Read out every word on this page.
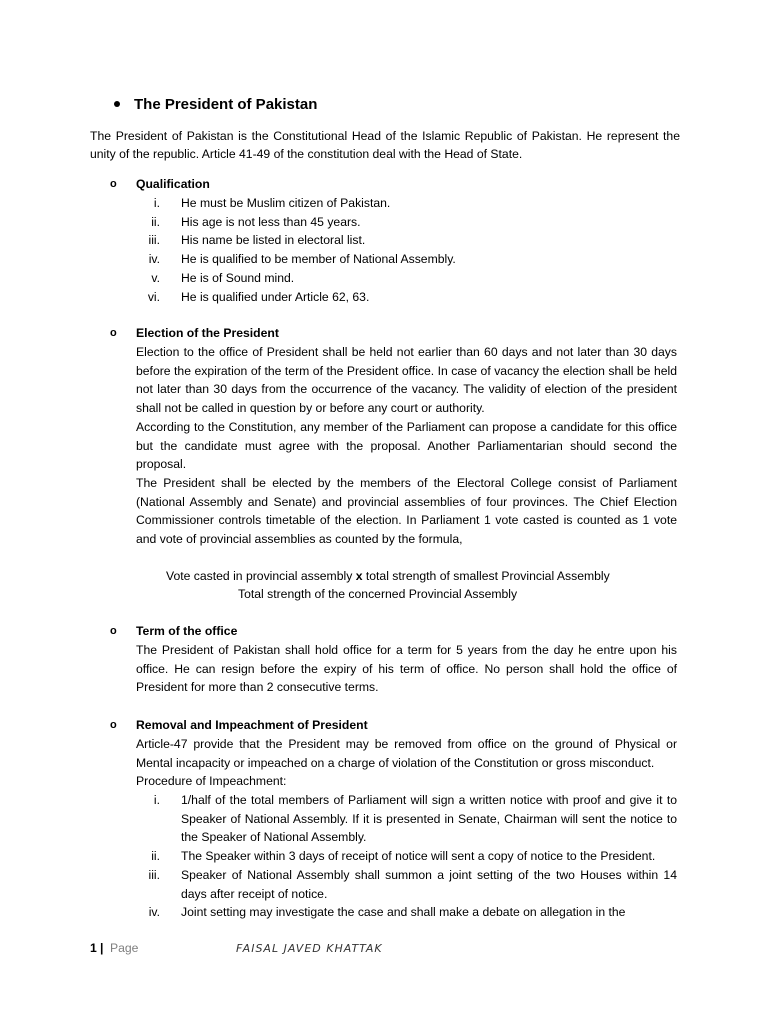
The President of Pakistan
The President of Pakistan is the Constitutional Head of the Islamic Republic of Pakistan. He represent the unity of the republic. Article 41-49 of the constitution deal with the Head of State.
o Qualification
i. He must be Muslim citizen of Pakistan.
ii. His age is not less than 45 years.
iii. His name be listed in electoral list.
iv. He is qualified to be member of National Assembly.
v. He is of Sound mind.
vi. He is qualified under Article 62, 63.
o Election of the President

Election to the office of President shall be held not earlier than 60 days and not later than 30 days before the expiration of the term of the President office. In case of vacancy the election shall be held not later than 30 days from the occurrence of the vacancy. The validity of election of the president shall not be called in question by or before any court or authority.

According to the Constitution, any member of the Parliament can propose a candidate for this office but the candidate must agree with the proposal. Another Parliamentarian should second the proposal.

The President shall be elected by the members of the Electoral College consist of Parliament (National Assembly and Senate) and provincial assemblies of four provinces. The Chief Election Commissioner controls timetable of the election. In Parliament 1 vote casted is counted as 1 vote and vote of provincial assemblies as counted by the formula,

Vote casted in provincial assembly x total strength of smallest Provincial Assembly
Total strength of the concerned Provincial Assembly
o Term of the office

The President of Pakistan shall hold office for a term for 5 years from the day he entre upon his office. He can resign before the expiry of his term of office. No person shall hold the office of President for more than 2 consecutive terms.

o Removal and Impeachment of President

Article-47 provide that the President may be removed from office on the ground of Physical or Mental incapacity or impeached on a charge of violation of the Constitution or gross misconduct.

Procedure of Impeachment:

i. 1/half of the total members of Parliament will sign a written notice with proof and give it to Speaker of National Assembly. If it is presented in Senate, Chairman will sent the notice to the Speaker of National Assembly.
ii. The Speaker within 3 days of receipt of notice will sent a copy of notice to the President.
iii. Speaker of National Assembly shall summon a joint setting of the two Houses within 14 days after receipt of notice.
iv. Joint setting may investigate the case and shall make a debate on allegation in the
1 | Page	FAISAL JAVED KHATTAK
